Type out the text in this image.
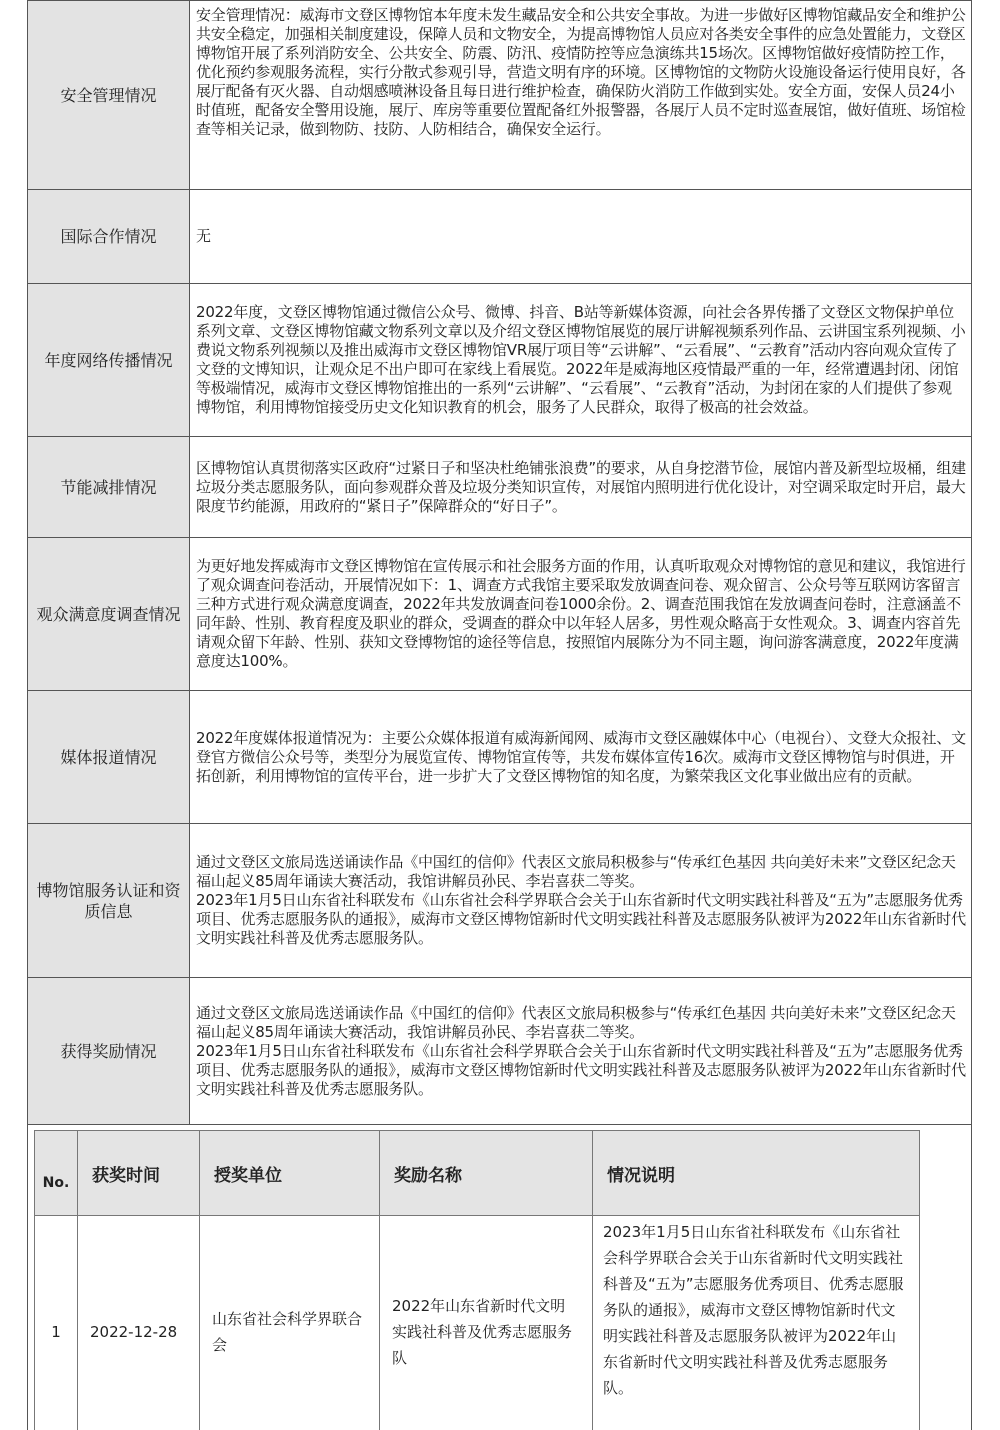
安全管理情况	安全管理情况：威海市文登区博物馆本年度未发生藏品安全和公共安全事故。为进一步做好区博物馆藏品安全和维护公共安全稳定，加强相关制度建设，保障人员和文物安全，为提高博物馆人员应对各类安全事件的应急处置能力，文登区博物馆开展了系列消防安全、公共安全、防震、防汛、疫情防控等应急演练共15场次。区博物馆做好疫情防控工作，优化预约参观服务流程，实行分散式参观引导，营造文明有序的环境。区博物馆的文物防火设施设备运行使用良好，各展厅配备有灭火器、自动烟感喷淋设备且每日进行维护检查，确保防火消防工作做到实处。安全方面，安保人员24小时值班，配备安全警用设施，展厅、库房等重要位置配备红外报警器，各展厅人员不定时巡查展馆，做好值班、场馆检查等相关记录，做到物防、技防、人防相结合，确保安全运行。

国际合作情况	无

年度网络传播情况	2022年度，文登区博物馆通过微信公众号、微博、抖音、B站等新媒体资源，向社会各界传播了文登区文物保护单位系列文章、文登区博物馆藏文物系列文章以及介绍文登区博物馆展览的展厅讲解视频系列作品、云讲国宝系列视频、小费说文物系列视频以及推出威海市文登区博物馆VR展厅项目等“云讲解”、“云看展”、“云教育”活动内容向观众宣传了文登的文博知识，让观众足不出户即可在家线上看展览。2022年是威海地区疫情最严重的一年，经常遭遇封闭、闭馆等极端情况，威海市文登区博物馆推出的一系列“云讲解”、“云看展”、“云教育”活动，为封闭在家的人们提供了参观博物馆，利用博物馆接受历史文化知识教育的机会，服务了人民群众，取得了极高的社会效益。

节能减排情况	区博物馆认真贯彻落实区政府“过紧日子和坚决杜绝铺张浪费”的要求，从自身挖潜节俭，展馆内普及新型垃圾桶，组建垃圾分类志愿服务队，面向参观群众普及垃圾分类知识宣传，对展馆内照明进行优化设计，对空调采取定时开启，最大限度节约能源，用政府的“紧日子”保障群众的“好日子”。

观众满意度调查情况	为更好地发挥威海市文登区博物馆在宣传展示和社会服务方面的作用，认真听取观众对博物馆的意见和建议，我馆进行了观众调查问卷活动，开展情况如下：1、调查方式我馆主要采取发放调查问卷、观众留言、公众号等互联网访客留言三种方式进行观众满意度调查，2022年共发放调查问卷1000余份。2、调查范围我馆在发放调查问卷时，注意涵盖不同年龄、性别、教育程度及职业的群众，受调查的群众中以年轻人居多，男性观众略高于女性观众。3、调查内容首先请观众留下年龄、性别、获知文登博物馆的途径等信息，按照馆内展陈分为不同主题，询问游客满意度，2022年度满意度达100%。

媒体报道情况	2022年度媒体报道情况为：主要公众媒体报道有威海新闻网、威海市文登区融媒体中心（电视台）、文登大众报社、文登官方微信公众号等，类型分为展览宣传、博物馆宣传等，共发布媒体宣传16次。威海市文登区博物馆与时俱进，开拓创新，利用博物馆的宣传平台，进一步扩大了文登区博物馆的知名度，为繁荣我区文化事业做出应有的贡献。

博物馆服务认证和资质信息	通过文登区文旅局选送诵读作品《中国红的信仰》代表区文旅局积极参与“传承红色基因 共向美好未来”文登区纪念天福山起义85周年诵读大赛活动，我馆讲解员孙民、李岩喜获二等奖。

2023年1月5日山东省社科联发布《山东省社会科学界联合会关于山东省新时代文明实践社科普及“五为”志愿服务优秀项目、优秀志愿服务队的通报》，威海市文登区博物馆新时代文明实践社科普及志愿服务队被评为2022年山东省新时代文明实践社科普及优秀志愿服务队。

获得奖励情况	通过文登区文旅局选送诵读作品《中国红的信仰》代表区文旅局积极参与“传承红色基因 共向美好未来”文登区纪念天福山起义85周年诵读大赛活动，我馆讲解员孙民、李岩喜获二等奖。

2023年1月5日山东省社科联发布《山东省社会科学界联合会关于山东省新时代文明实践社科普及“五为”志愿服务优秀项目、优秀志愿服务队的通报》，威海市文登区博物馆新时代文明实践社科普及志愿服务队被评为2022年山东省新时代文明实践社科普及优秀志愿服务队。

No.	获奖时间	授奖单位	奖励名称	情况说明
1	2022-12-28	山东省社会科学界联合会	2022年山东省新时代文明实践社科普及优秀志愿服务队	2023年1月5日山东省社科联发布《山东省社会科学界联合会关于山东省新时代文明实践社科普及“五为”志愿服务优秀项目、优秀志愿服务队的通报》，威海市文登区博物馆新时代文明实践社科普及志愿服务队被评为2022年山东省新时代文明实践社科普及优秀志愿服务队。
